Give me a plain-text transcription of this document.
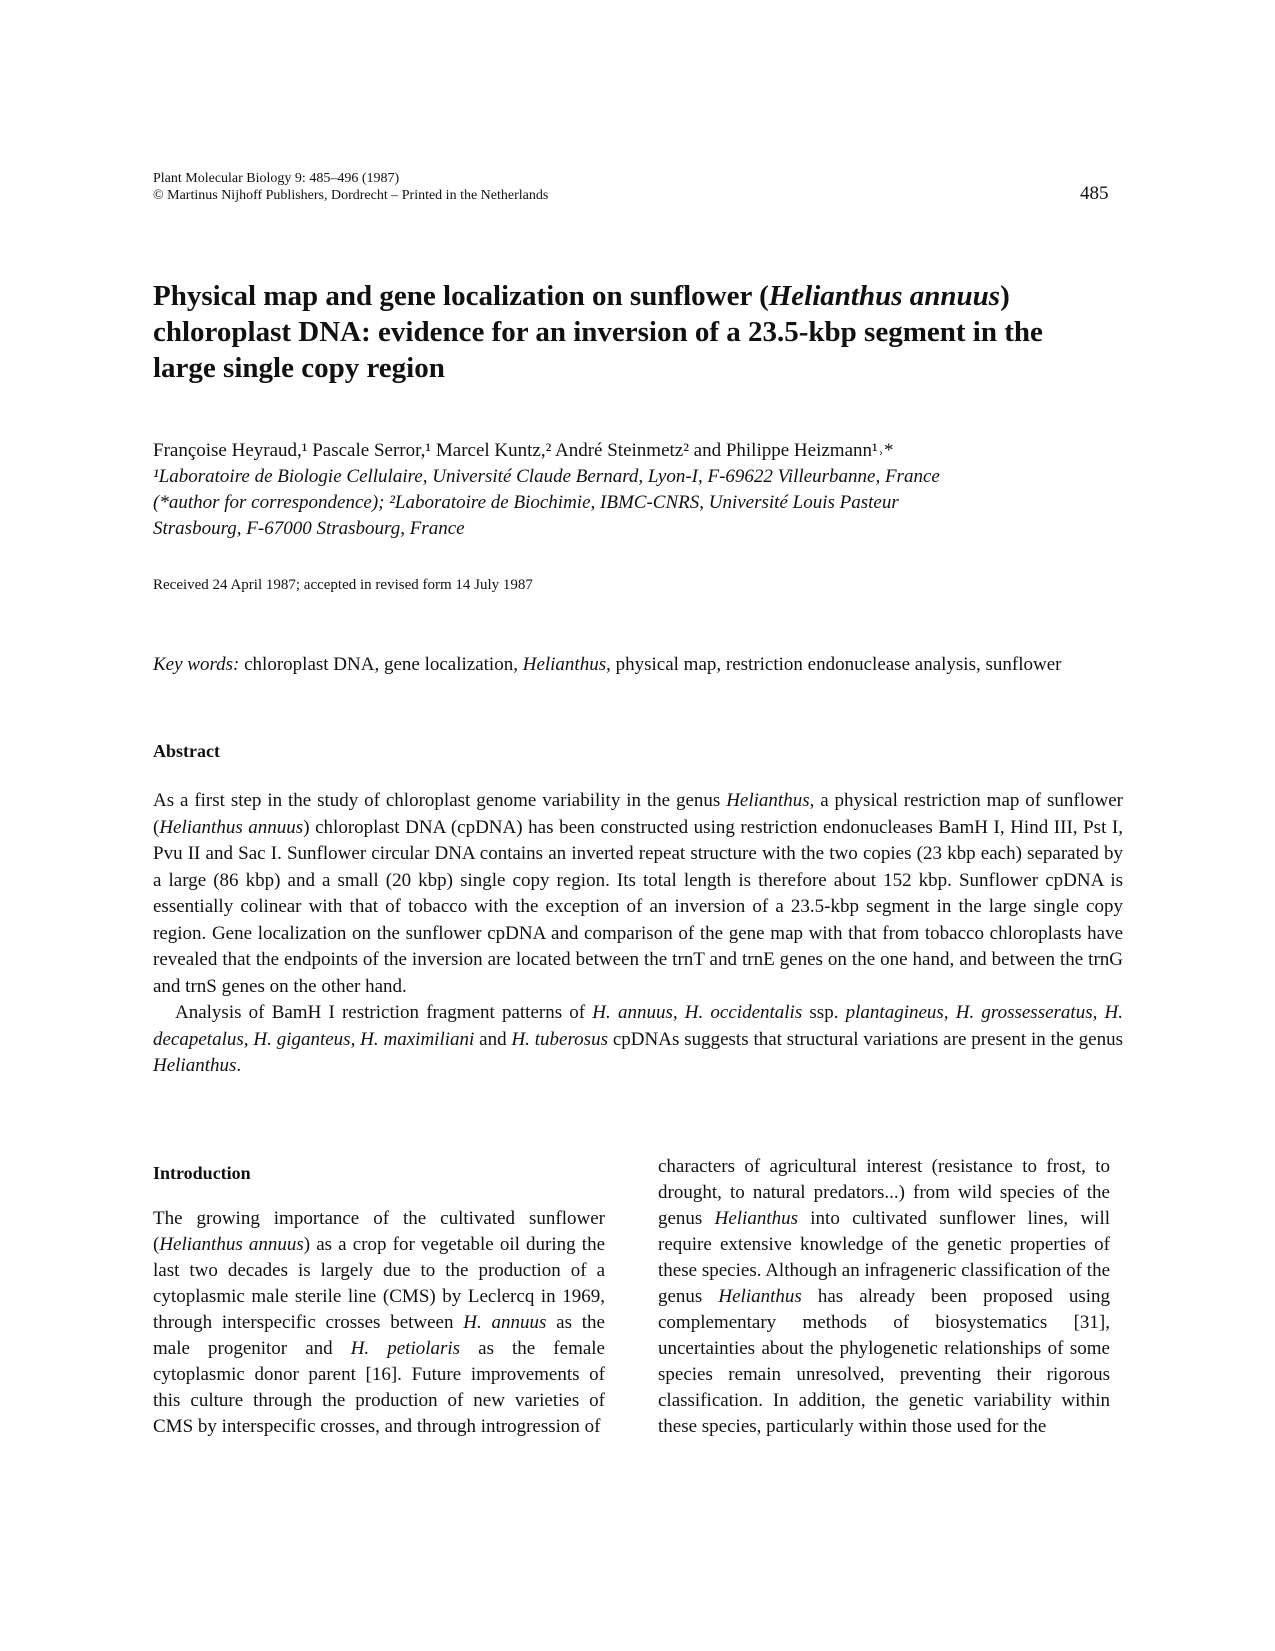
Plant Molecular Biology 9: 485–496 (1987)
© Martinus Nijhoff Publishers, Dordrecht – Printed in the Netherlands	485
Physical map and gene localization on sunflower (Helianthus annuus)
chloroplast DNA: evidence for an inversion of a 23.5-kbp segment in the
large single copy region
Françoise Heyraud,¹ Pascale Serror,¹ Marcel Kuntz,² André Steinmetz² and Philippe Heizmann¹˒*
¹Laboratoire de Biologie Cellulaire, Université Claude Bernard, Lyon-I, F-69622 Villeurbanne, France
(*author for correspondence); ²Laboratoire de Biochimie, IBMC-CNRS, Université Louis Pasteur
Strasbourg, F-67000 Strasbourg, France
Received 24 April 1987; accepted in revised form 14 July 1987
Key words: chloroplast DNA, gene localization, Helianthus, physical map, restriction endonuclease analysis, sunflower
Abstract

As a first step in the study of chloroplast genome variability in the genus Helianthus, a physical restriction map of sunflower (Helianthus annuus) chloroplast DNA (cpDNA) has been constructed using restriction endonucleases BamH I, Hind III, Pst I, Pvu II and Sac I. Sunflower circular DNA contains an inverted repeat structure with the two copies (23 kbp each) separated by a large (86 kbp) and a small (20 kbp) single copy region. Its total length is therefore about 152 kbp. Sunflower cpDNA is essentially colinear with that of tobacco with the exception of an inversion of a 23.5-kbp segment in the large single copy region. Gene localization on the sunflower cpDNA and comparison of the gene map with that from tobacco chloroplasts have revealed that the endpoints of the inversion are located between the trnT and trnE genes on the one hand, and between the trnG and trnS genes on the other hand.

Analysis of BamH I restriction fragment patterns of H. annuus, H. occidentalis ssp. plantagineus, H. grossesseratus, H. decapetalus, H. giganteus, H. maximiliani and H. tuberosus cpDNAs suggests that structural variations are present in the genus Helianthus.

Introduction
The growing importance of the cultivated sunflower (Helianthus annuus) as a crop for vegetable oil during the last two decades is largely due to the production of a cytoplasmic male sterile line (CMS) by Leclercq in 1969, through interspecific crosses between H. annuus as the male progenitor and H. petiolaris as the female cytoplasmic donor parent [16]. Future improvements of this culture through the production of new varieties of CMS by interspecific crosses, and through introgression of
characters of agricultural interest (resistance to frost, to drought, to natural predators...) from wild species of the genus Helianthus into cultivated sunflower lines, will require extensive knowledge of the genetic properties of these species. Although an infrageneric classification of the genus Helianthus has already been proposed using complementary methods of biosystematics [31], uncertainties about the phylogenetic relationships of some species remain unresolved, preventing their rigorous classification. In addition, the genetic variability within these species, particularly within those used for the
